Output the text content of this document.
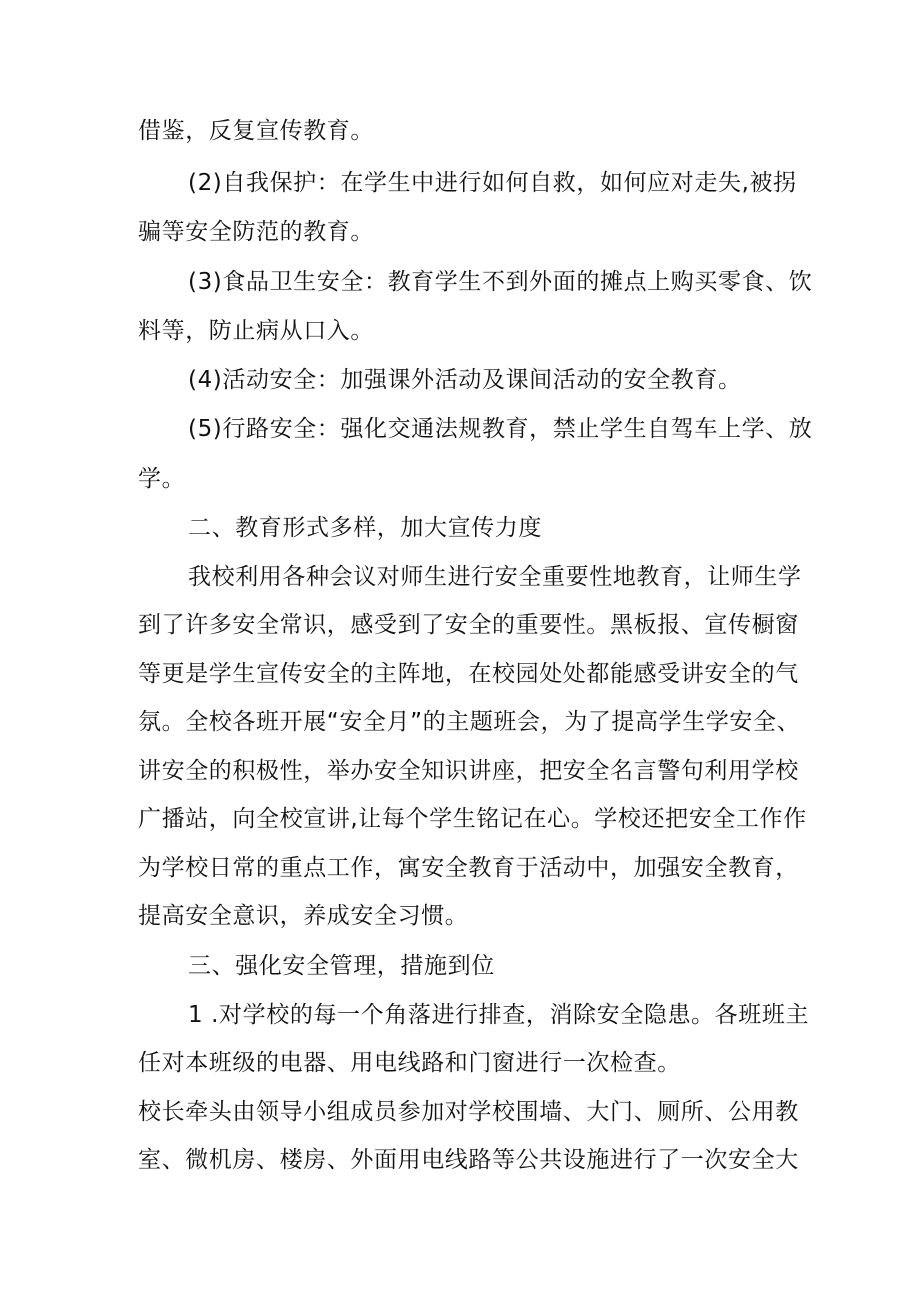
借鉴，反复宣传教育。
(2)自我保护：在学生中进行如何自救，如何应对走失,被拐
骗等安全防范的教育。
(3)食品卫生安全：教育学生不到外面的摊点上购买零食、饮
料等，防止病从口入。
(4)活动安全：加强课外活动及课间活动的安全教育。
(5)行路安全：强化交通法规教育，禁止学生自驾车上学、放
学。
二、教育形式多样，加大宣传力度
我校利用各种会议对师生进行安全重要性地教育，让师生学
到了许多安全常识，感受到了安全的重要性。黑板报、宣传橱窗
等更是学生宣传安全的主阵地，在校园处处都能感受讲安全的气
氛。全校各班开展“安全月”的主题班会，为了提高学生学安全、
讲安全的积极性，举办安全知识讲座，把安全名言警句利用学校
广播站，向全校宣讲,让每个学生铭记在心。学校还把安全工作作
为学校日常的重点工作，寓安全教育于活动中，加强安全教育，
提高安全意识，养成安全习惯。
三、强化安全管理，措施到位
1 .对学校的每一个角落进行排查，消除安全隐患。各班班主
任对本班级的电器、用电线路和门窗进行一次检查。
校长牵头由领导小组成员参加对学校围墙、大门、厕所、公用教
室、微机房、楼房、外面用电线路等公共设施进行了一次安全大
